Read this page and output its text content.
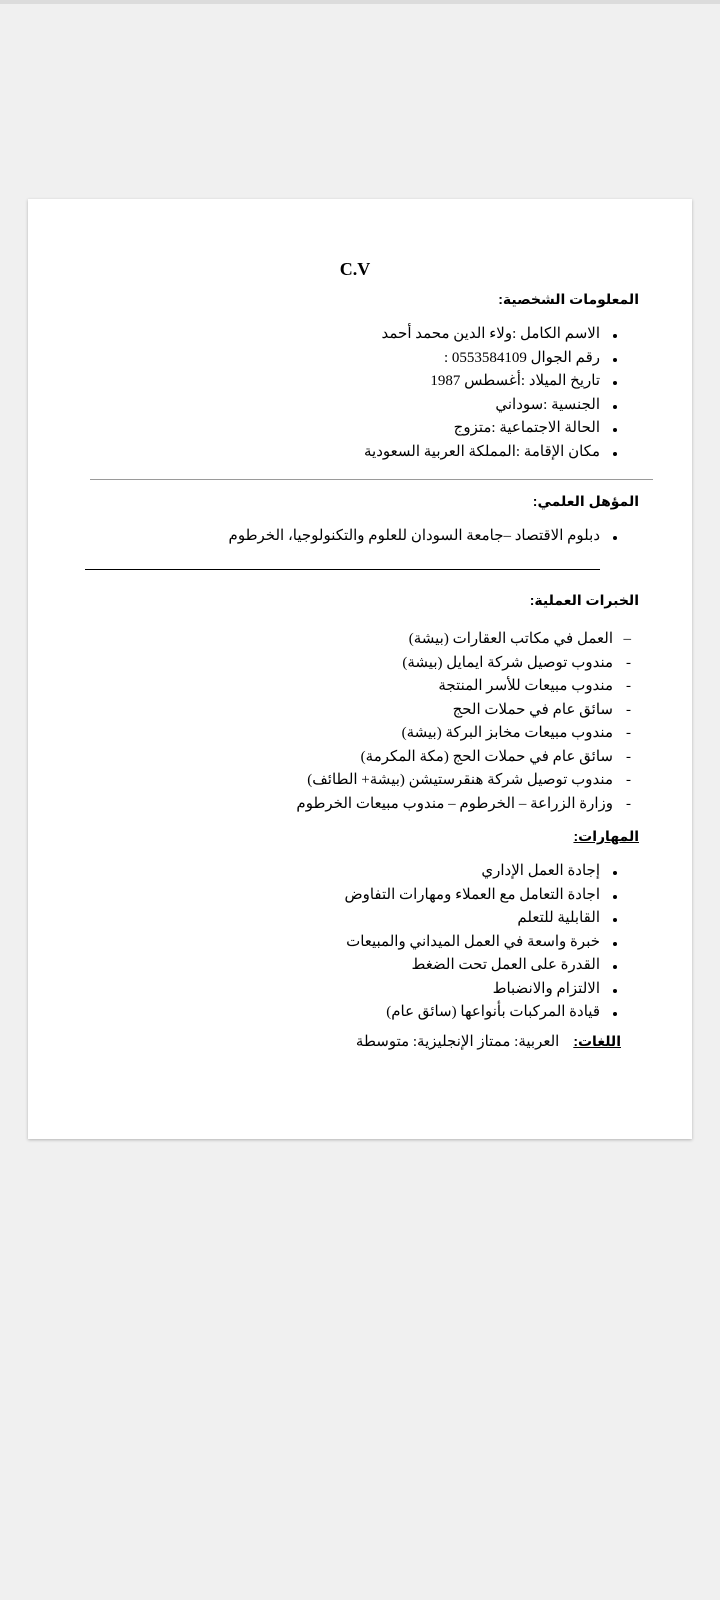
C.V
المعلومات الشخصية:
الاسم الكامل :ولاء الدين محمد أحمد
رقم الجوال 0553584109 :
تاريخ الميلاد :أغسطس 1987
الجنسية :سوداني
الحالة الاجتماعية :متزوج
مكان الإقامة :المملكة العربية السعودية
المؤهل العلمي:
دبلوم الاقتصاد –جامعة السودان للعلوم والتكنولوجيا، الخرطوم
الخبرات العملية:
–العمل في مكاتب العقارات (بيشة)
-مندوب توصيل شركة ايمايل (بيشة)
-مندوب مبيعات للأسر المنتجة
-سائق عام في حملات الحج
-مندوب مبيعات مخابز البركة (بيشة)
-سائق عام في حملات الحج (مكة المكرمة)
-مندوب توصيل شركة هنقرستيشن (بيشة+ الطائف)
-وزارة الزراعة – الخرطوم – مندوب مبيعات الخرطوم
المهارات:
إجادة العمل الإداري
اجادة التعامل مع العملاء ومهارات التفاوض
القابلية للتعلم
خبرة واسعة في العمل الميداني والمبيعات
القدرة على العمل تحت الضغط
الالتزام والانضباط
قيادة المركبات بأنواعها (سائق عام)
اللغات:العربية: ممتاز الإنجليزية: متوسطة
